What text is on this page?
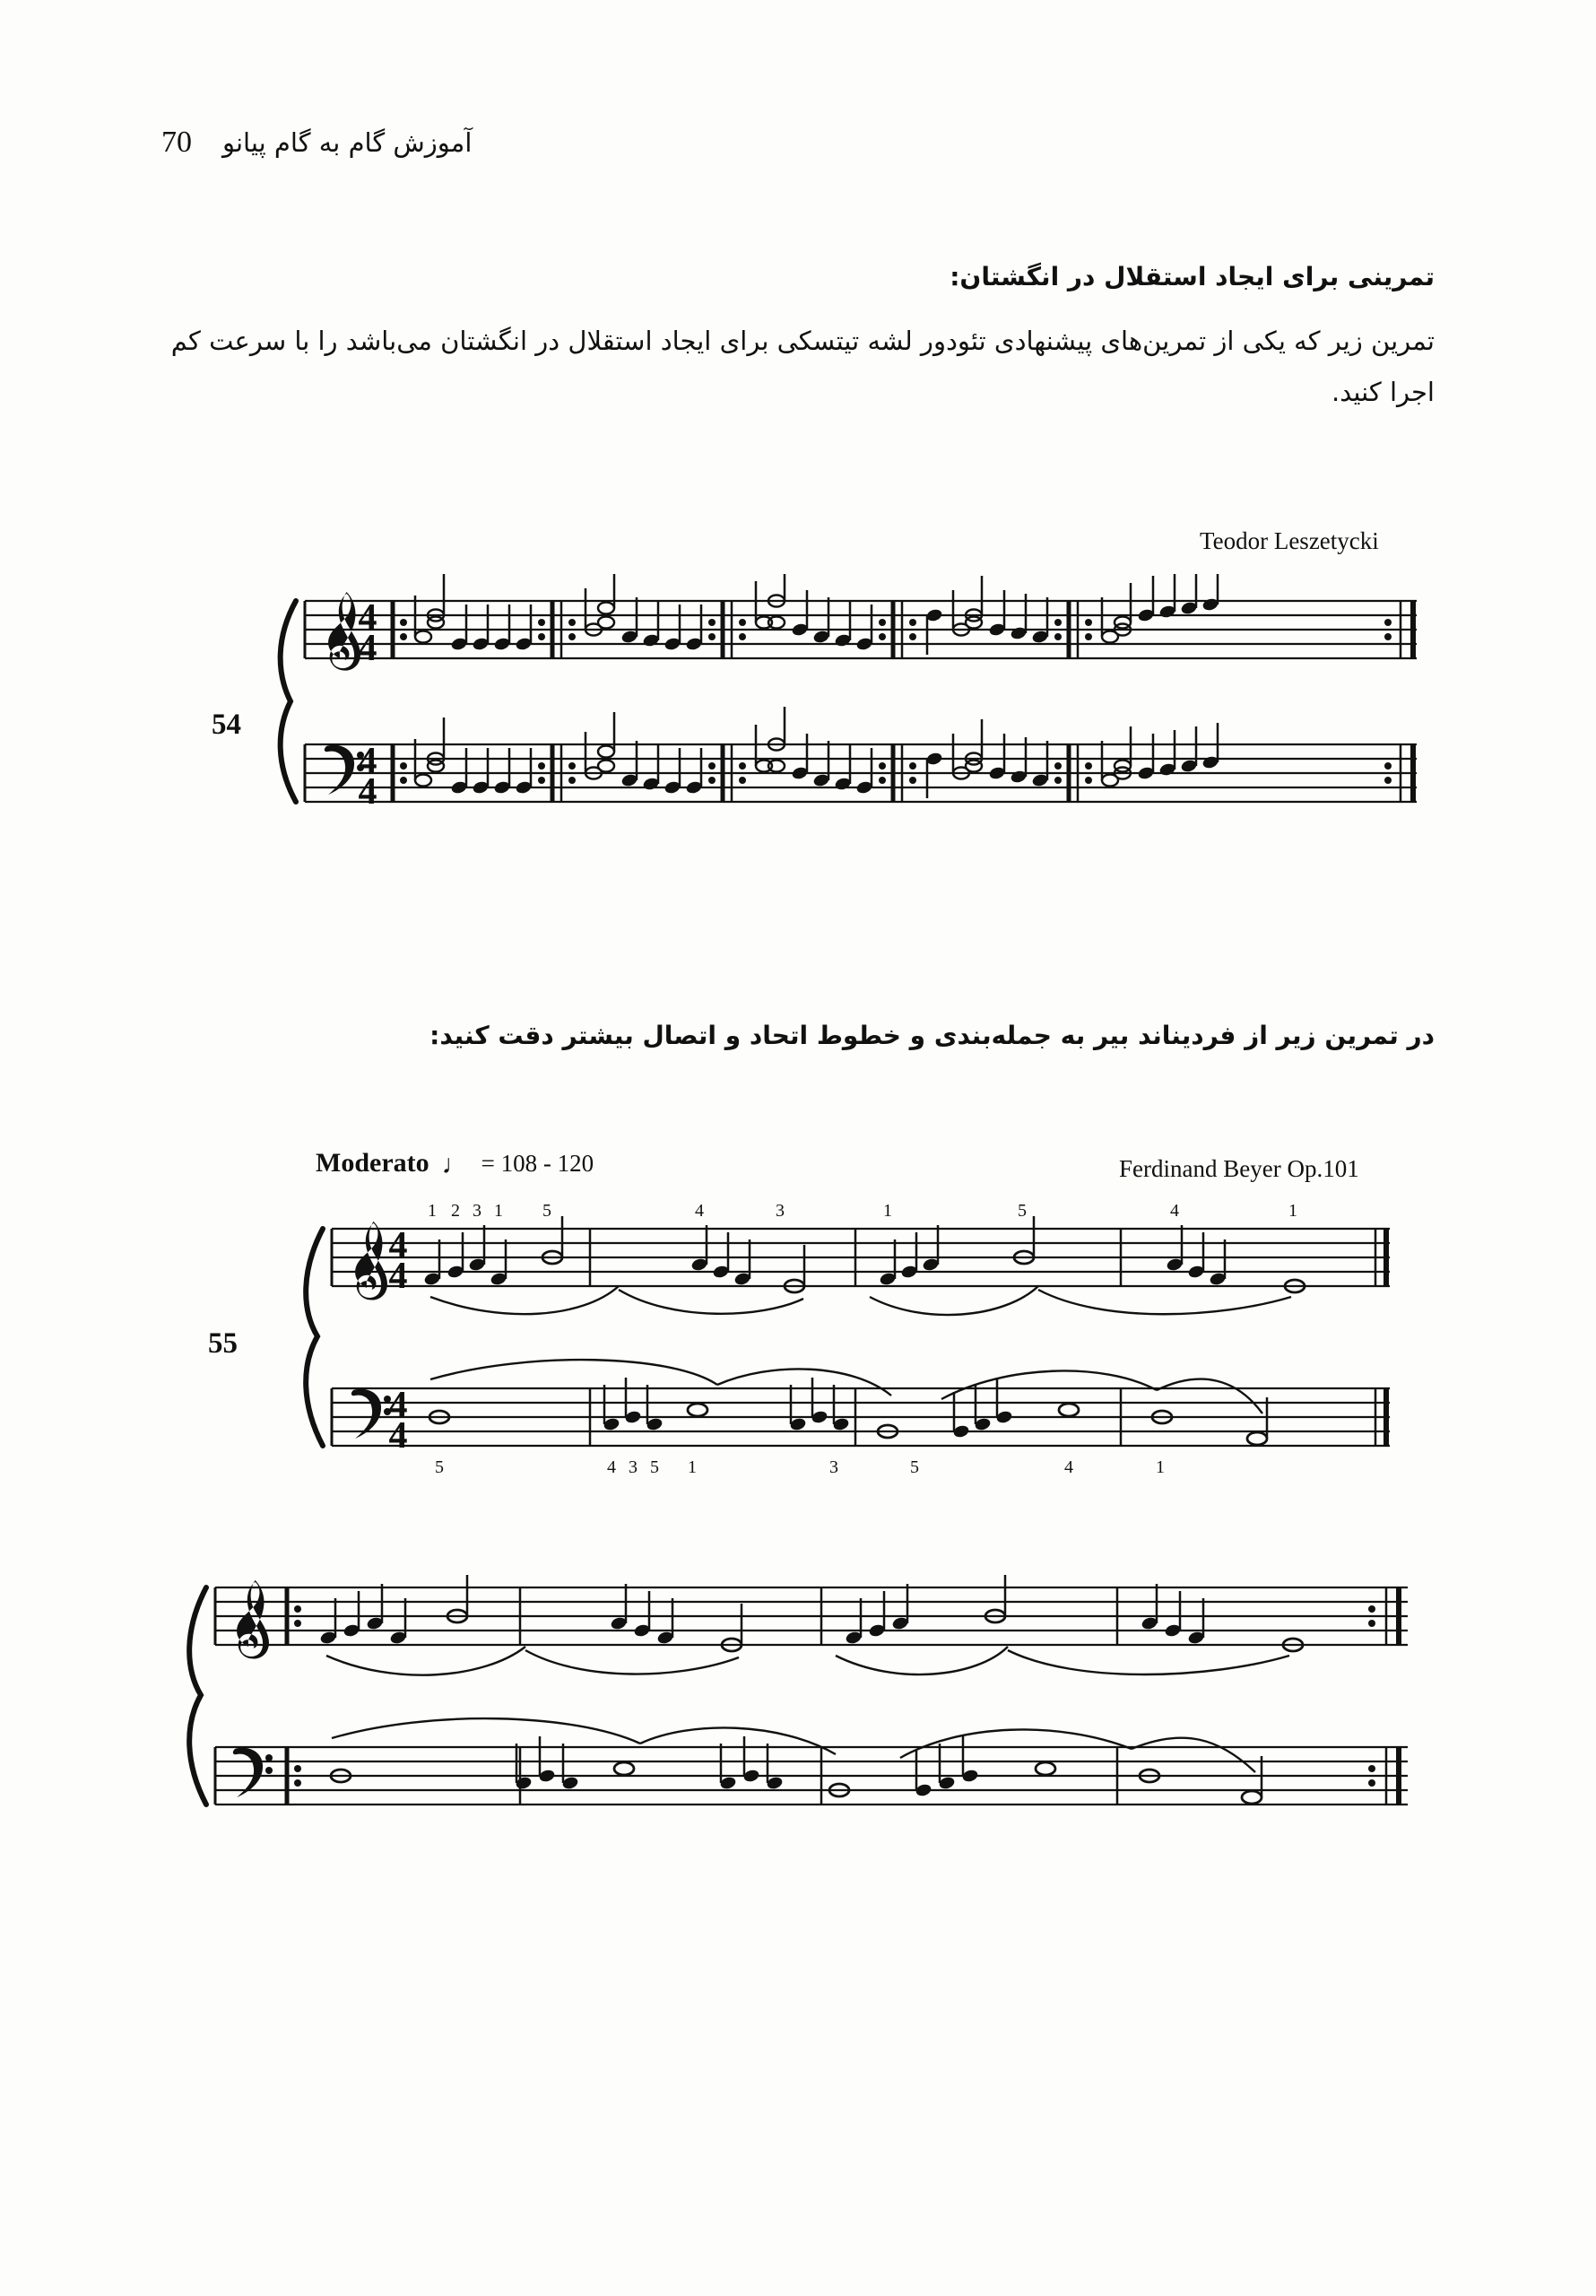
70 آموزش گام به گام پیانو
تمرینی برای ایجاد استقلال در انگشتان:
تمرین زیر که یکی از تمرین‌های پیشنهادی تئودور لشه تیتسکی برای ایجاد استقلال در انگشتان می‌باشد را با سرعت کم اجرا کنید.
در تمرین زیر از فردیناند بیر به جمله‌بندی و خطوط اتحاد و اتصال بیشتر دقت کنید:
Teodor Leszetycki
Ferdinand Beyer Op.101
Moderato ♩ = 108 - 120
54
55
4
4
4
4
4
4
4
4
1 2 3 1 5	4	3	1	5	4	1
5	4 3 5 1	3	5	4	1
